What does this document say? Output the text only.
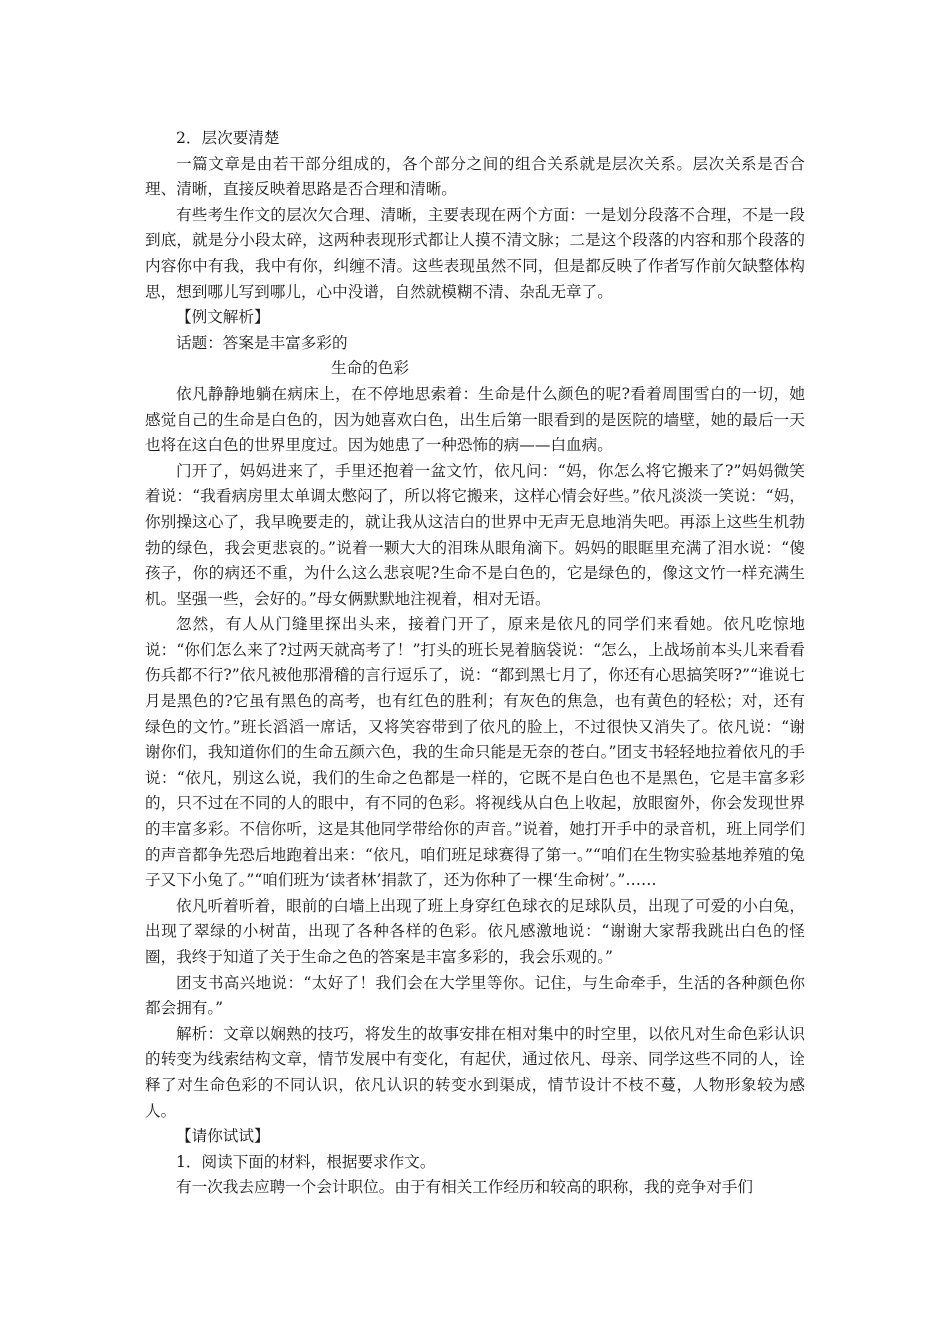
2．层次要清楚

一篇文章是由若干部分组成的，各个部分之间的组合关系就是层次关系。层次关系是否合理、清晰，直接反映着思路是否合理和清晰。

有些考生作文的层次欠合理、清晰，主要表现在两个方面：一是划分段落不合理，不是一段到底，就是分小段太碎，这两种表现形式都让人摸不清文脉；二是这个段落的内容和那个段落的内容你中有我，我中有你，纠缠不清。这些表现虽然不同，但是都反映了作者写作前欠缺整体构思，想到哪儿写到哪儿，心中没谱，自然就模糊不清、杂乱无章了。

【例文解析】

话题：答案是丰富多彩的

生命的色彩

依凡静静地躺在病床上，在不停地思索着：生命是什么颜色的呢?看着周围雪白的一切，她感觉自己的生命是白色的，因为她喜欢白色，出生后第一眼看到的是医院的墙壁，她的最后一天也将在这白色的世界里度过。因为她患了一种恐怖的病——白血病。

门开了，妈妈进来了，手里还抱着一盆文竹，依凡问：“妈，你怎么将它搬来了?”妈妈微笑着说：“我看病房里太单调太憋闷了，所以将它搬来，这样心情会好些。”依凡淡淡一笑说：“妈，你别操这心了，我早晚要走的，就让我从这洁白的世界中无声无息地消失吧。再添上这些生机勃勃的绿色，我会更悲哀的。”说着一颗大大的泪珠从眼角滴下。妈妈的眼眶里充满了泪水说：“傻孩子，你的病还不重，为什么这么悲哀呢?生命不是白色的，它是绿色的，像这文竹一样充满生机。坚强一些，会好的。”母女俩默默地注视着，相对无语。

忽然，有人从门缝里探出头来，接着门开了，原来是依凡的同学们来看她。依凡吃惊地说：“你们怎么来了?过两天就高考了！”打头的班长晃着脑袋说：“怎么，上战场前本头儿来看看伤兵都不行?”依凡被他那滑稽的言行逗乐了，说：“都到黑七月了，你还有心思搞笑呀?”“谁说七月是黑色的?它虽有黑色的高考，也有红色的胜利；有灰色的焦急，也有黄色的轻松；对，还有绿色的文竹。”班长滔滔一席话，又将笑容带到了依凡的脸上，不过很快又消失了。依凡说：“谢谢你们，我知道你们的生命五颜六色，我的生命只能是无奈的苍白。”团支书轻轻地拉着依凡的手说：“依凡，别这么说，我们的生命之色都是一样的，它既不是白色也不是黑色，它是丰富多彩的，只不过在不同的人的眼中，有不同的色彩。将视线从白色上收起，放眼窗外，你会发现世界的丰富多彩。不信你听，这是其他同学带给你的声音。”说着，她打开手中的录音机，班上同学们的声音都争先恐后地跑着出来：“依凡，咱们班足球赛得了第一。”“咱们在生物实验基地养殖的兔子又下小兔了。”“咱们班为‘读者林’捐款了，还为你种了一棵‘生命树’。”……

依凡听着听着，眼前的白墙上出现了班上身穿红色球衣的足球队员，出现了可爱的小白兔，出现了翠绿的小树苗，出现了各种各样的色彩。依凡感激地说：“谢谢大家帮我跳出白色的怪圈，我终于知道了关于生命之色的答案是丰富多彩的，我会乐观的。”

团支书高兴地说：“太好了！我们会在大学里等你。记住，与生命牵手，生活的各种颜色你都会拥有。”

解析：文章以娴熟的技巧，将发生的故事安排在相对集中的时空里，以依凡对生命色彩认识的转变为线索结构文章，情节发展中有变化，有起伏，通过依凡、母亲、同学这些不同的人，诠释了对生命色彩的不同认识，依凡认识的转变水到渠成，情节设计不枝不蔓，人物形象较为感人。

【请你试试】

1．阅读下面的材料，根据要求作文。

有一次我去应聘一个会计职位。由于有相关工作经历和较高的职称，我的竞争对手们
